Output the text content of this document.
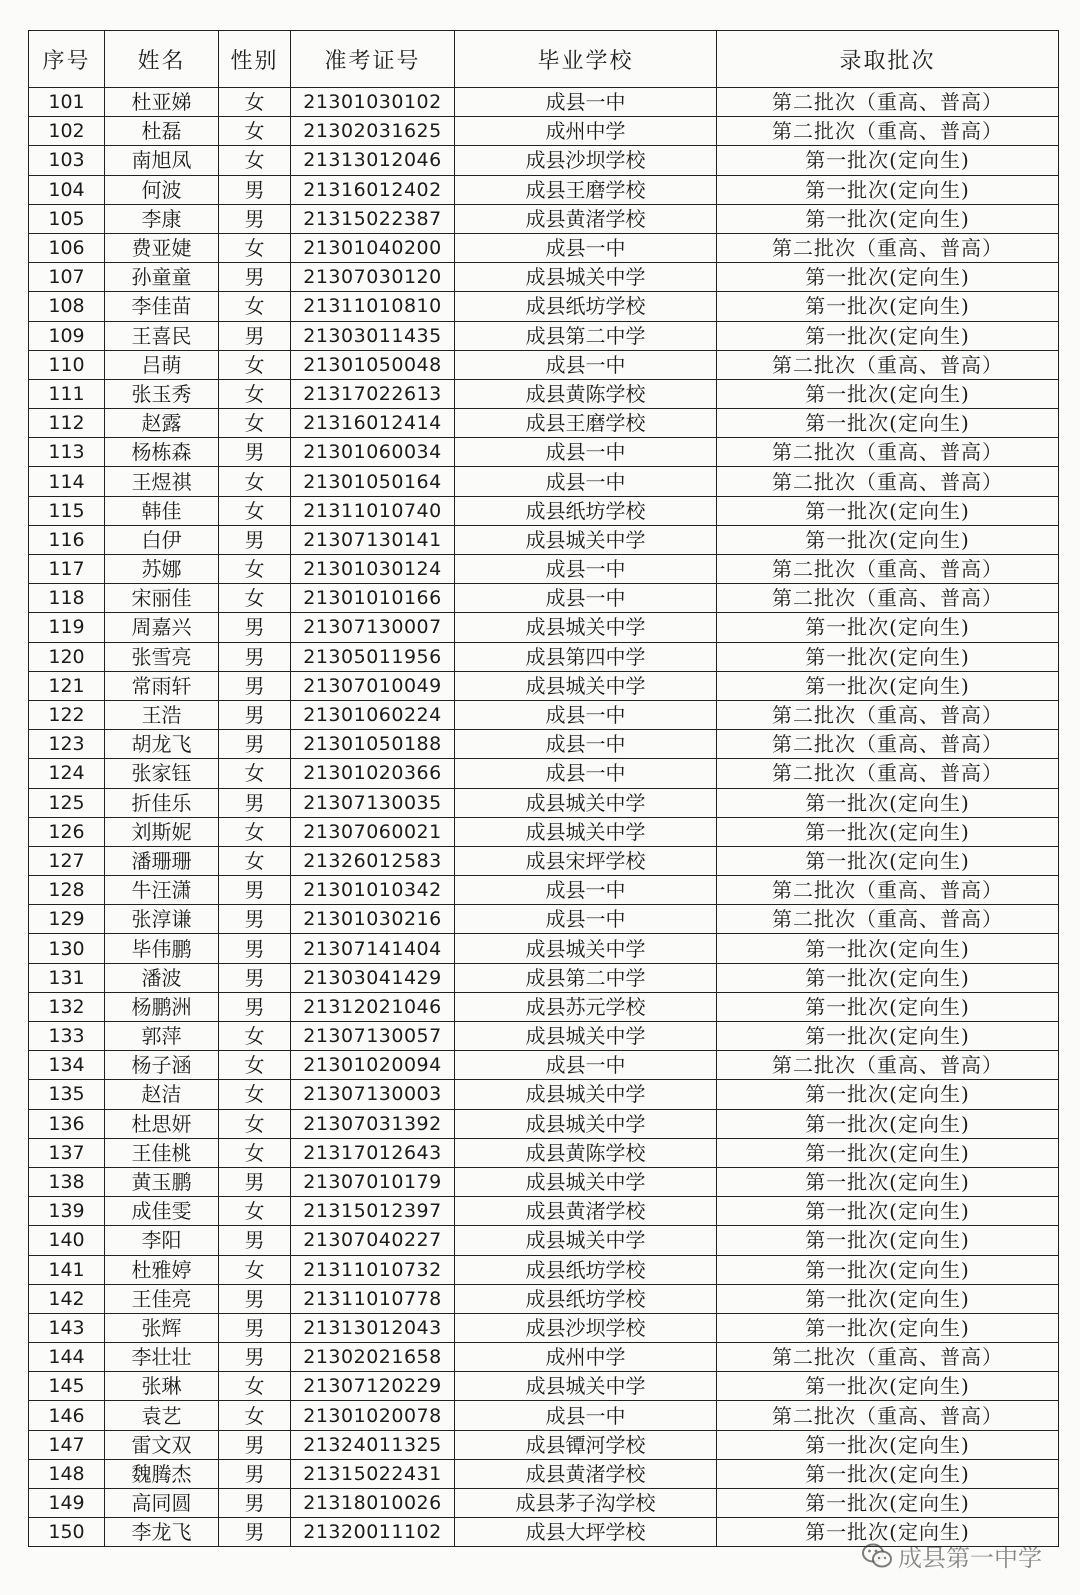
序号	姓名	性别	准考证号	毕业学校	录取批次
101	杜亚娣	女	21301030102	成县一中	第二批次（重高、普高）
102	杜磊	女	21302031625	成州中学	第二批次（重高、普高）
103	南旭凤	女	21313012046	成县沙坝学校	第一批次(定向生)
104	何波	男	21316012402	成县王磨学校	第一批次(定向生)
105	李康	男	21315022387	成县黄渚学校	第一批次(定向生)
106	费亚婕	女	21301040200	成县一中	第二批次（重高、普高）
107	孙童童	男	21307030120	成县城关中学	第一批次(定向生)
108	李佳苗	女	21311010810	成县纸坊学校	第一批次(定向生)
109	王喜民	男	21303011435	成县第二中学	第一批次(定向生)
110	吕萌	女	21301050048	成县一中	第二批次（重高、普高）
111	张玉秀	女	21317022613	成县黄陈学校	第一批次(定向生)
112	赵露	女	21316012414	成县王磨学校	第一批次(定向生)
113	杨栋森	男	21301060034	成县一中	第二批次（重高、普高）
114	王煜祺	女	21301050164	成县一中	第二批次（重高、普高）
115	韩佳	女	21311010740	成县纸坊学校	第一批次(定向生)
116	白伊	男	21307130141	成县城关中学	第一批次(定向生)
117	苏娜	女	21301030124	成县一中	第二批次（重高、普高）
118	宋丽佳	女	21301010166	成县一中	第二批次（重高、普高）
119	周嘉兴	男	21307130007	成县城关中学	第一批次(定向生)
120	张雪亮	男	21305011956	成县第四中学	第一批次(定向生)
121	常雨轩	男	21307010049	成县城关中学	第一批次(定向生)
122	王浩	男	21301060224	成县一中	第二批次（重高、普高）
123	胡龙飞	男	21301050188	成县一中	第二批次（重高、普高）
124	张家钰	女	21301020366	成县一中	第二批次（重高、普高）
125	折佳乐	男	21307130035	成县城关中学	第一批次(定向生)
126	刘斯妮	女	21307060021	成县城关中学	第一批次(定向生)
127	潘珊珊	女	21326012583	成县宋坪学校	第一批次(定向生)
128	牛汪潇	男	21301010342	成县一中	第二批次（重高、普高）
129	张淳谦	男	21301030216	成县一中	第二批次（重高、普高）
130	毕伟鹏	男	21307141404	成县城关中学	第一批次(定向生)
131	潘波	男	21303041429	成县第二中学	第一批次(定向生)
132	杨鹏洲	男	21312021046	成县苏元学校	第一批次(定向生)
133	郭萍	女	21307130057	成县城关中学	第一批次(定向生)
134	杨子涵	女	21301020094	成县一中	第二批次（重高、普高）
135	赵洁	女	21307130003	成县城关中学	第一批次(定向生)
136	杜思妍	女	21307031392	成县城关中学	第一批次(定向生)
137	王佳桃	女	21317012643	成县黄陈学校	第一批次(定向生)
138	黄玉鹏	男	21307010179	成县城关中学	第一批次(定向生)
139	成佳雯	女	21315012397	成县黄渚学校	第一批次(定向生)
140	李阳	男	21307040227	成县城关中学	第一批次(定向生)
141	杜雅婷	女	21311010732	成县纸坊学校	第一批次(定向生)
142	王佳亮	男	21311010778	成县纸坊学校	第一批次(定向生)
143	张辉	男	21313012043	成县沙坝学校	第一批次(定向生)
144	李壮壮	男	21302021658	成州中学	第二批次（重高、普高）
145	张琳	女	21307120229	成县城关中学	第一批次(定向生)
146	袁艺	女	21301020078	成县一中	第二批次（重高、普高）
147	雷文双	男	21324011325	成县镡河学校	第一批次(定向生)
148	魏腾杰	男	21315022431	成县黄渚学校	第一批次(定向生)
149	高同圆	男	21318010026	成县茅子沟学校	第一批次(定向生)
150	李龙飞	男	21320011102	成县大坪学校	第一批次(定向生)
成县第一中学
